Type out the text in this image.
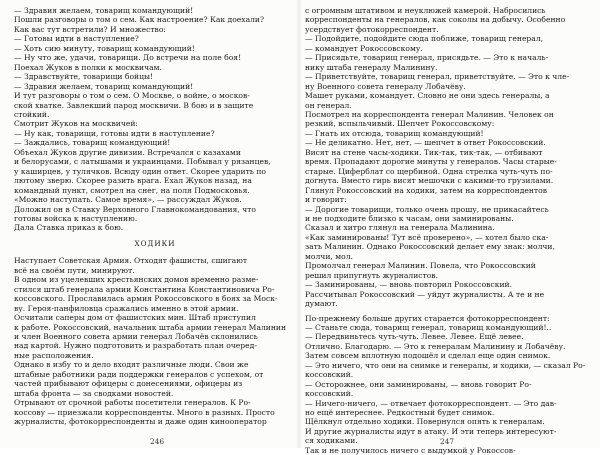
— Здравия желаем, товарищ командующий!
Пошли разговоры о том о сем. Как настроение? Как доехали?
Как вас тут встретили? И множество:
— Готовы идти в наступление?
— Хоть сию минуту, товарищ командующий!
— Ну что же, удачи, товарищи. До встречи на поле боя!
Поехал Жуков в полки к москвичам.
— Здравствуйте, товарищи бойцы!
— Здравия желаем, товарищ командующий!
И тут разговоры о том о сем. О Москве, о войне, о москов-
ской хватке. Завлекший парод москвичи. В бою и в защите
стойкий.
Смотрит Жуков на москвичей:
— Ну как, товарищи, готовы идти в наступление?
— Заждались, товарищ командующий!
Объехал Жуков другие дивизии. Встречался с казахами
и белорусами, с латышами и украинцами. Побывал у рязанцев,
у каширцев, у тулячков. Всюду один ответ. Скорее ударить по
лютому зверю. Скорее разить врага. Ехал Жуков назад, на
командный пункт, смотрел на снег, на поля Подмосковья.
«Можно наступать. Самое время», — рассуждал Жуков.
Доложил он в Ставку Верховного Главнокомандования, что
готовы войска к наступлению.
Дала Ставка приказ к бою.
ХОДИКИ
Наступает Советская Армия. Отходят фашисты, сшигают
всё на своём пути, минируют.
В одном из уцелевших крестьянских домов временно разме-
стился штаб генерала армии Константина Константиновича Ро-
коссовского. Прославилась армия Рокоссовского в боях за Моск-
ву. Героя-панфиловца сражались именно в этой армии.
Осчитали саперы дом от фашистских мин. Штаб приступил
к работе. Рокоссовский, начальник штаба армии генерал Малинин
и член Военного совета армии генерал Лобачёв склонились
над картой. Нужно подготовить и разработать план очеред-
ные расположения.
Однако в избу то и дело входят различные люди. Свои же
штабные работники ради поддержки генералов с успехом, от
частей прибывают офицеры с донесениями, офицеры из
штаба фронта — за сводками новостей.
Отрывают от срочной работы посетители генералов. К Ро-
коссову — приезжали корреспонденты. Много в разных. Просто
журналисты, фотокорреспонденты и даже один кинооператор
246
с огромным штативом и неуклюжей камерой. Набросились
корреспонденты на генералов, как соколы на добычу. Особенно
усердствует фотокорреспондент.
— Подойдите, подойдите сюда поближе, товарищ генерал,
— командует Рокоссовскому.
— Присядьте, товарищ генерал, присядьте. — Это к началь-
нику штаба генералу Малинину.
— Приветствуйте, товарищ генерал, приветствуйте. — Это к чле-
ну Военного совета генералу Лобачёву.
Машет руками, командует. Словно не они здесь генералы, а
он генерал.
Посмотрел на корреспондента генерал Малинин. Человек он
резкий, вспыльчивый. Шепчет Рокоссовскому:
— Гнать их отсюда, товарищ командующий!
— Не деликатно. Нет, нет, — шепчет в ответ Рокоссовский.
Висят на стене часы-ходики. Тик-так, тик-так, — отбивают
время. Пропадают дорогие минуты у генералов. Часы старые-
старые. Циферблат со щербиной. Одна стрелка чуть-чуть по-
догнута. Вместо гирь висят мешочки с какими-то грузилами.
Глянул Рокоссовский на ходики, затем на корреспондентов
и говорит:
— Дорогие товарищи, только очень прошу, не прикасайтесь
и не подходите близко к часам, они заминированы.
Сказал и хитро глянул на генерала Малинина.
«Как заминированы! Тут всё проверено», — хотел было ска-
зать Малинин. Однако Рокоссовский делает ему знак: молчи,
молчи, мол.
Промолчал генерал Малинин. Повела, что Рокоссовский
решил припугнуть журналистов.
— Заминированы, — вновь повторил Рокоссовский.
Рассчитывал Рокоссовский — уйдут журналисты. А те и не
думают.
По-прежнему больше других старается фотокорреспондент:
— Станьте сюда, товарищ генерал, товарищ командующий!..
— Передвиньтесь чуть-чуть. Левее. Левее. Ещё левее.
Отлично. Благодарю. — Это к генералам Малинину и Лобачёву.
Затем совсем вплотную подошёл и сделал еще один снимок.
— Это ничего, что они на снимке и генералы, и ходики, — сказал Ро-
коссовский.
— Осторожнее, они заминированы, — вновь говорит Ро-
коссовский.
— Ничего-ничего, — отвечает фотокорреспондент. — Это дав-
но ещё интереснее. Редкостный будет снимок.
Щёлкнул отдельно ходики. Повернулся опять к генералам.
И другие журналисты идут в атаку. И эти теперь интересуют-
ся ходиками.
Так и не получилось ничего с выдумкой у Рокоссов-
247
